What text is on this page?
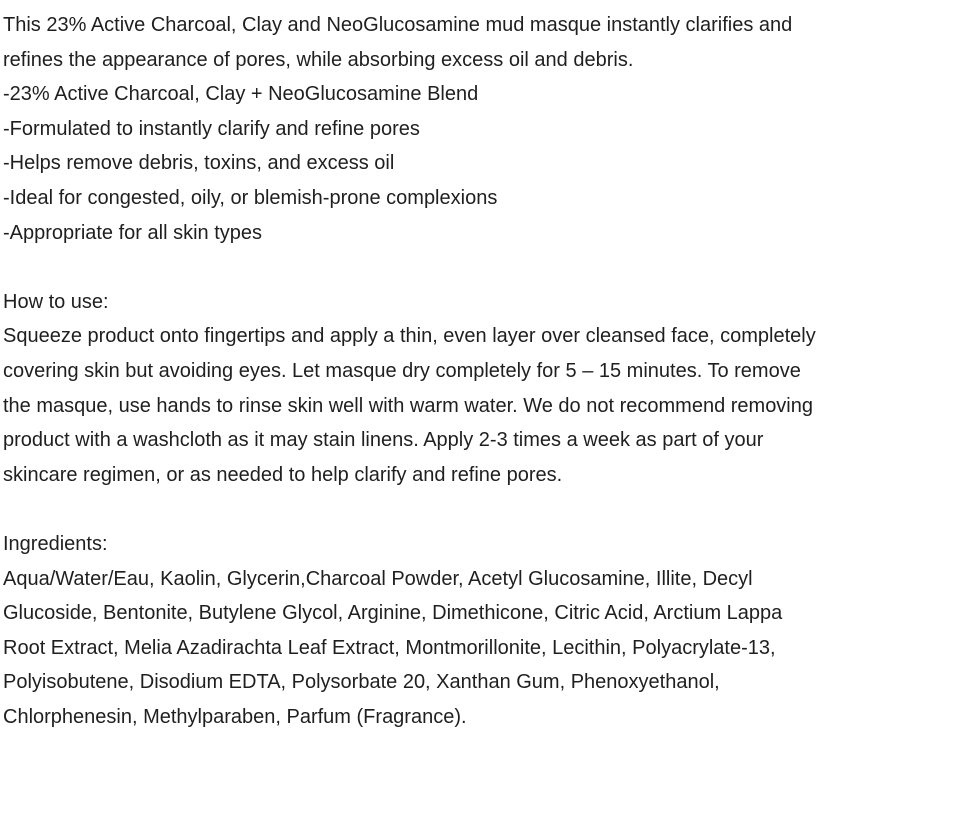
This 23% Active Charcoal, Clay and NeoGlucosamine mud masque instantly clarifies and
refines the appearance of pores, while absorbing excess oil and debris.

-23% Active Charcoal, Clay + NeoGlucosamine Blend
-Formulated to instantly clarify and refine pores
-Helps remove debris, toxins, and excess oil
-Ideal for congested, oily, or blemish-prone complexions
-Appropriate for all skin types
How to use:
Squeeze product onto fingertips and apply a thin, even layer over cleansed face, completely
covering skin but avoiding eyes. Let masque dry completely for 5 – 15 minutes. To remove
the masque, use hands to rinse skin well with warm water. We do not recommend removing
product with a washcloth as it may stain linens. Apply 2-3 times a week as part of your
skincare regimen, or as needed to help clarify and refine pores.
Ingredients:
Aqua/Water/Eau, Kaolin, Glycerin,Charcoal Powder, Acetyl Glucosamine, Illite, Decyl
Glucoside, Bentonite, Butylene Glycol, Arginine, Dimethicone, Citric Acid, Arctium Lappa
Root Extract, Melia Azadirachta Leaf Extract, Montmorillonite, Lecithin, Polyacrylate-13,
Polyisobutene, Disodium EDTA, Polysorbate 20, Xanthan Gum, Phenoxyethanol,
Chlorphenesin, Methylparaben, Parfum (Fragrance).
